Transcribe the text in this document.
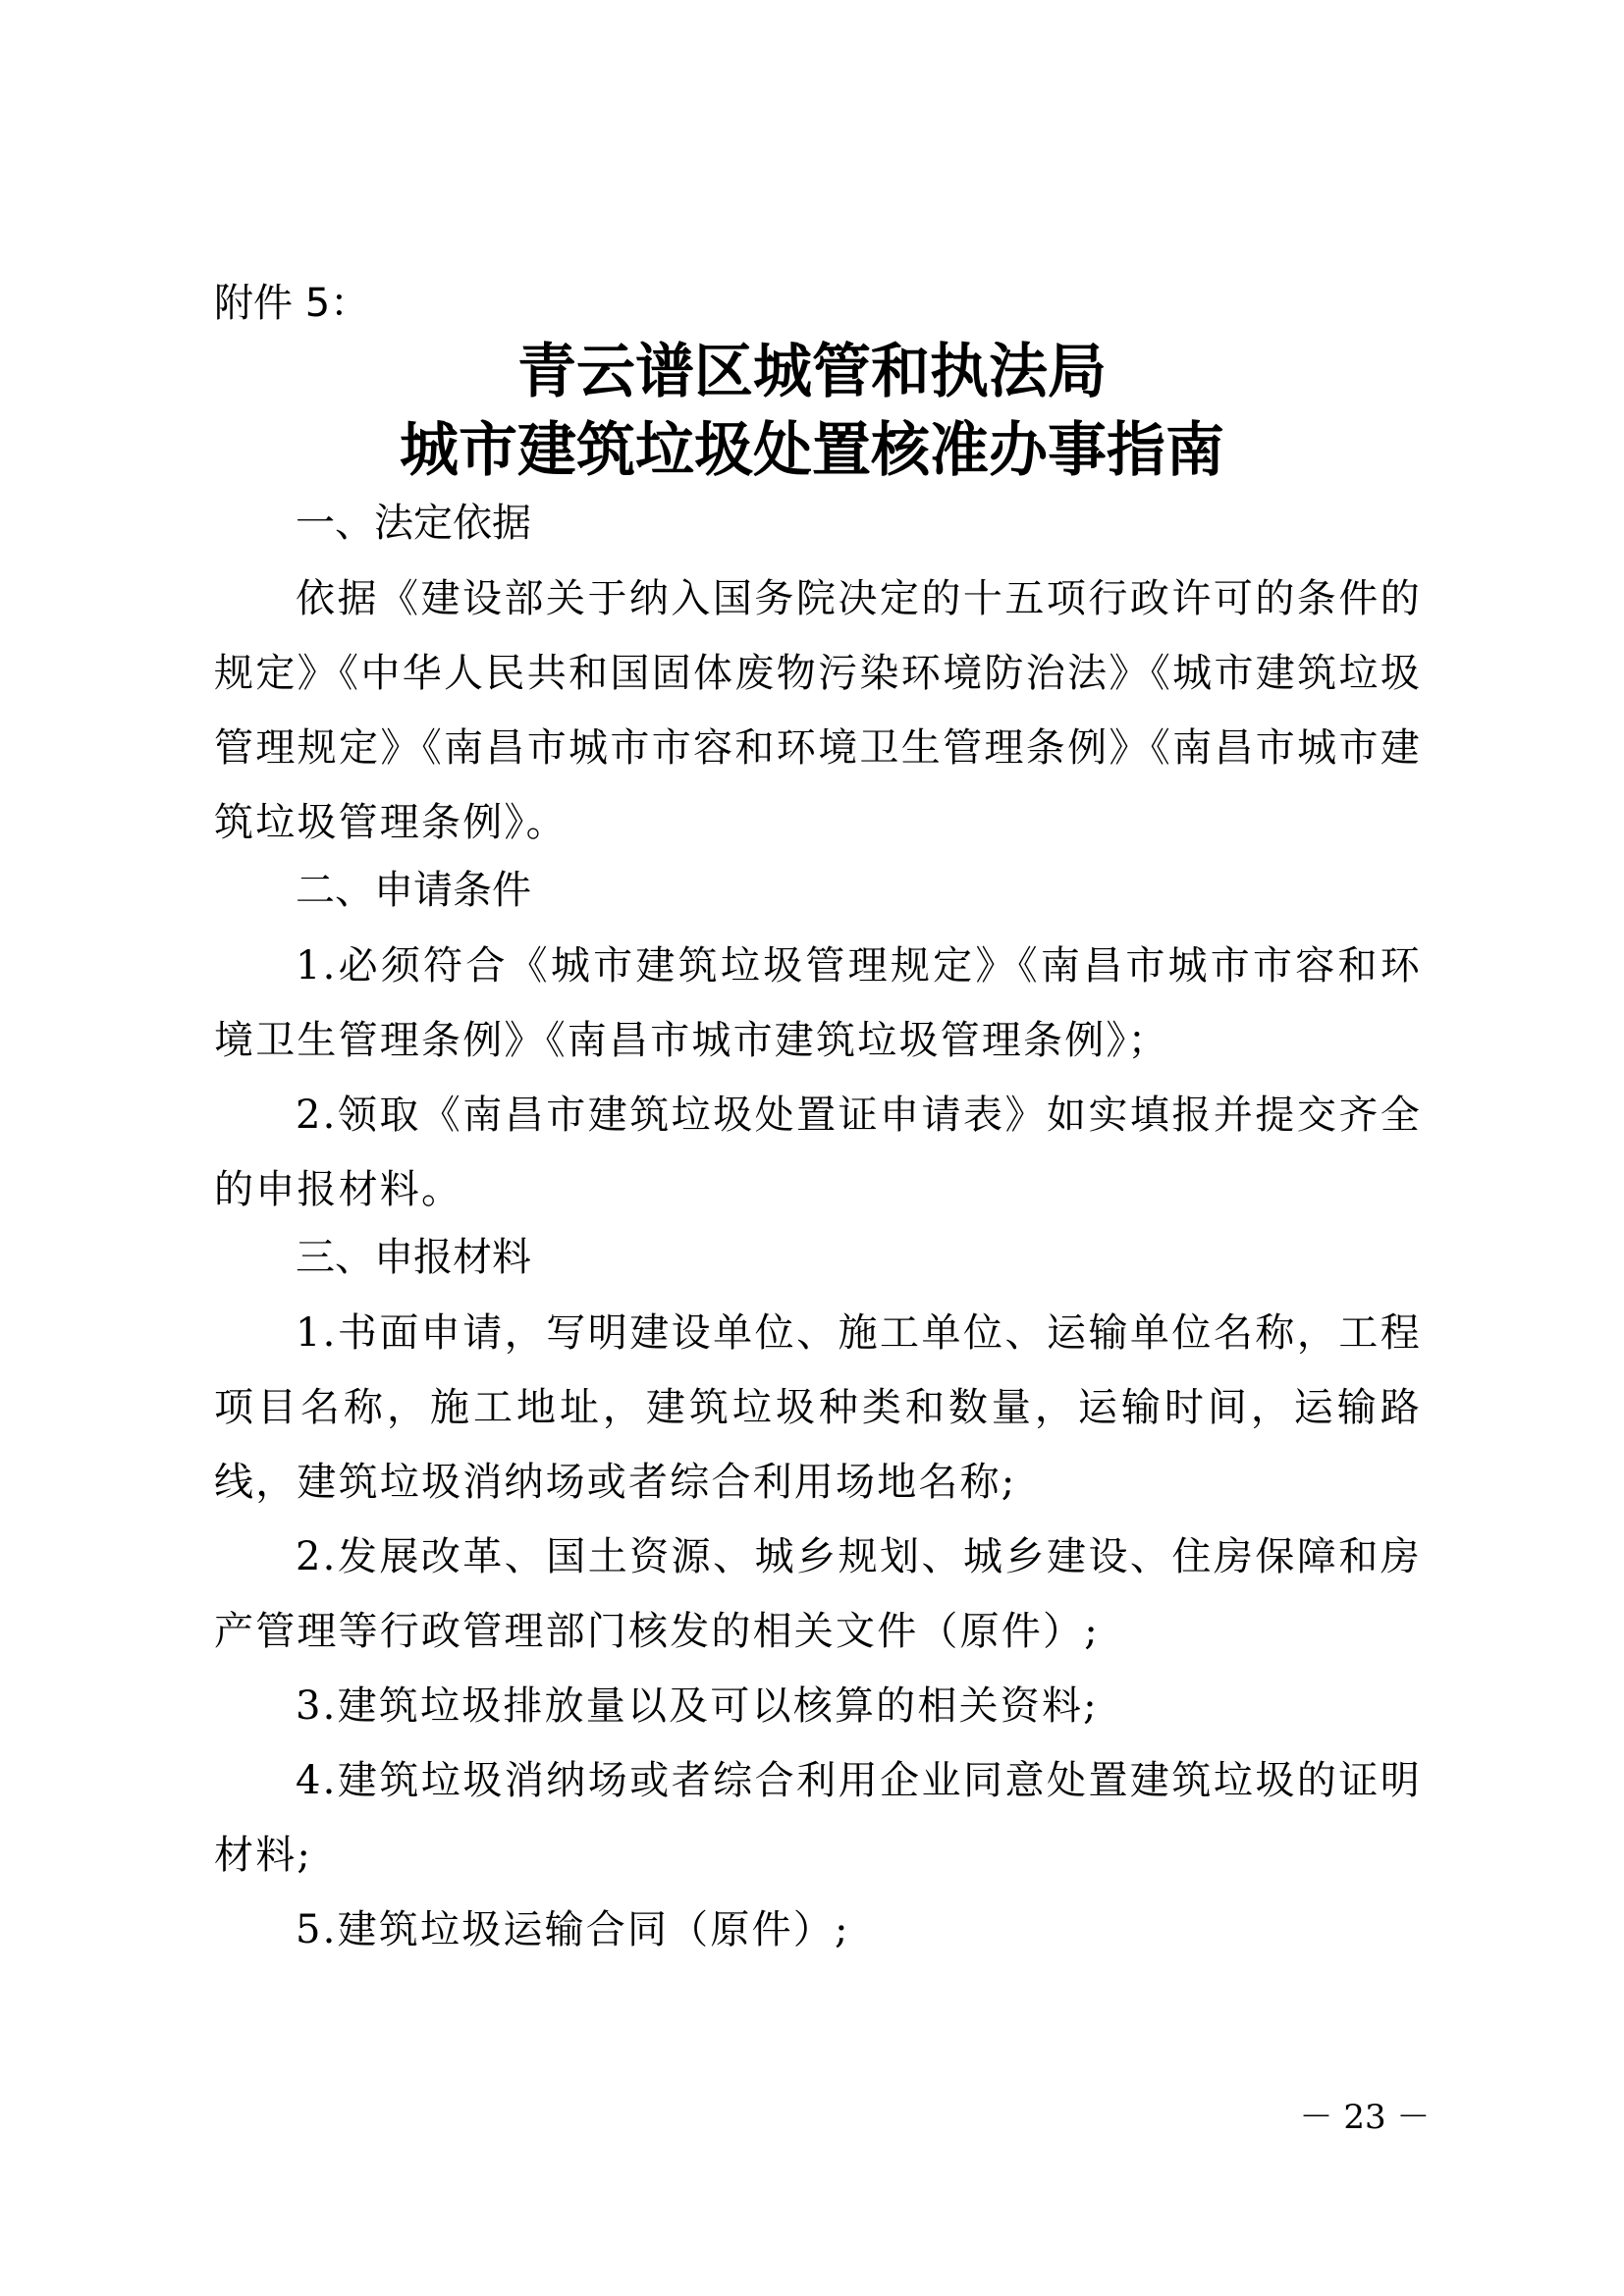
附件 5：
青云谱区城管和执法局
城市建筑垃圾处置核准办事指南
一、法定依据
依据《建设部关于纳入国务院决定的十五项行政许可的条件的规定》《中华人民共和国固体废物污染环境防治法》《城市建筑垃圾管理规定》《南昌市城市市容和环境卫生管理条例》《南昌市城市建筑垃圾管理条例》。
二、申请条件
1.必须符合《城市建筑垃圾管理规定》《南昌市城市市容和环境卫生管理条例》《南昌市城市建筑垃圾管理条例》；
2.领取《南昌市建筑垃圾处置证申请表》如实填报并提交齐全的申报材料。
三、申报材料
1.书面申请，写明建设单位、施工单位、运输单位名称，工程项目名称，施工地址，建筑垃圾种类和数量，运输时间，运输路线，建筑垃圾消纳场或者综合利用场地名称;
2.发展改革、国土资源、城乡规划、城乡建设、住房保障和房产管理等行政管理部门核发的相关文件（原件）;
3.建筑垃圾排放量以及可以核算的相关资料;
4.建筑垃圾消纳场或者综合利用企业同意处置建筑垃圾的证明材料;
5.建筑垃圾运输合同（原件）;
－ 23 －
